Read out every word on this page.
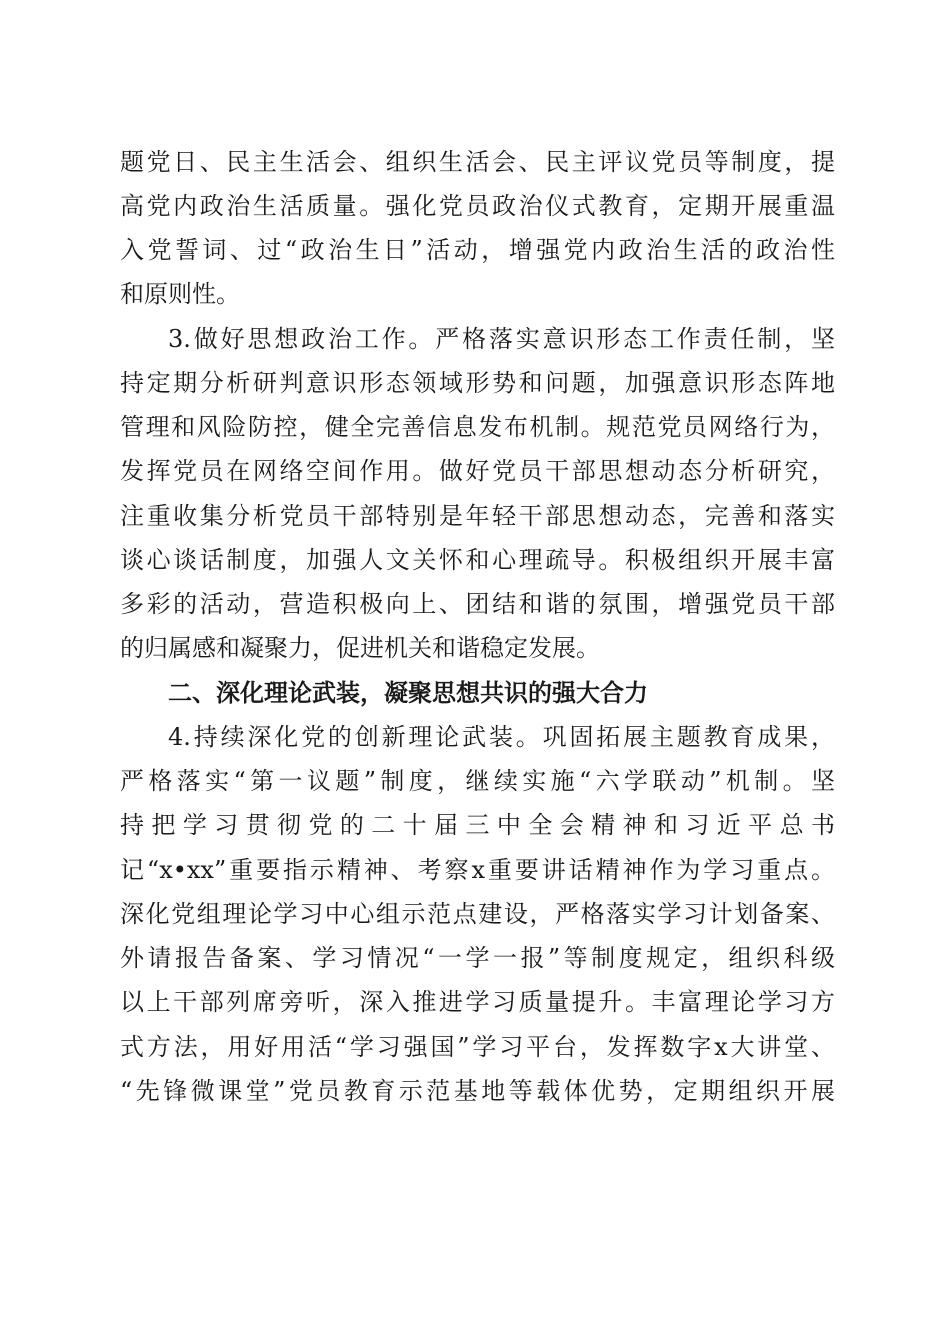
题党日、民主生活会、组织生活会、民主评议党员等制度，提
高党内政治生活质量。强化党员政治仪式教育，定期开展重温
入党誓词、过“政治生日”活动，增强党内政治生活的政治性
和原则性。
3.做好思想政治工作。严格落实意识形态工作责任制，坚
持定期分析研判意识形态领域形势和问题，加强意识形态阵地
管理和风险防控，健全完善信息发布机制。规范党员网络行为，
发挥党员在网络空间作用。做好党员干部思想动态分析研究，
注重收集分析党员干部特别是年轻干部思想动态，完善和落实
谈心谈话制度，加强人文关怀和心理疏导。积极组织开展丰富
多彩的活动，营造积极向上、团结和谐的氛围，增强党员干部
的归属感和凝聚力，促进机关和谐稳定发展。
二、深化理论武装，凝聚思想共识的强大合力
4.持续深化党的创新理论武装。巩固拓展主题教育成果，
严格落实“第一议题”制度，继续实施“六学联动”机制。坚
持把学习贯彻党的二十届三中全会精神和习近平总书
记“x•xx”重要指示精神、考察x重要讲话精神作为学习重点。
深化党组理论学习中心组示范点建设，严格落实学习计划备案、
外请报告备案、学习情况“一学一报”等制度规定，组织科级
以上干部列席旁听，深入推进学习质量提升。丰富理论学习方
式方法，用好用活“学习强国”学习平台，发挥数字x大讲堂、
“先锋微课堂”党员教育示范基地等载体优势，定期组织开展
